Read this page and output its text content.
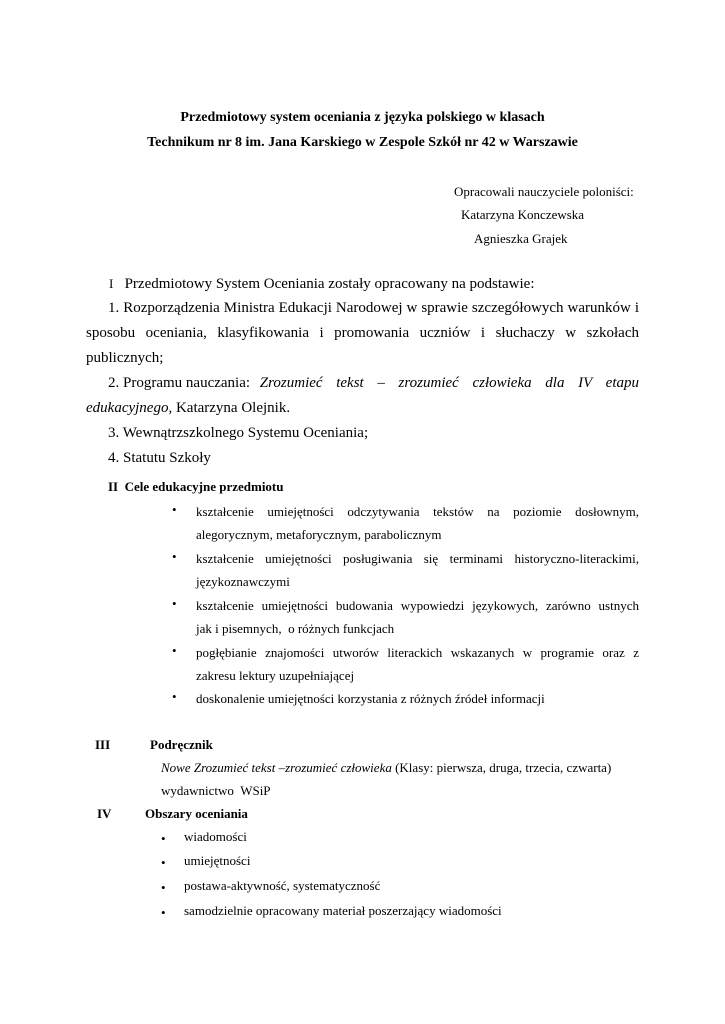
Przedmiotowy system oceniania z języka polskiego w klasach
Technikum nr 8 im. Jana Karskiego w Zespole Szkół nr 42 w Warszawie
Opracowali nauczyciele poloniści:
Katarzyna Konczewska
Agnieszka Grajek
I Przedmiotowy System Oceniania zostały opracowany na podstawie:
1. Rozporządzenia Ministra Edukacji Narodowej w sprawie szczegółowych warunków i
sposobu oceniania, klasyfikowania i promowania uczniów i słuchaczy w szkołach
publicznych;
2. Programu nauczania: Zrozumieć tekst – zrozumieć człowieka dla IV etapu
edukacyjnego, Katarzyna Olejnik.
3. Wewnątrzszkolnego Systemu Oceniania;
4. Statutu Szkoły
II  Cele edukacyjne przedmiotu
• kształcenie umiejętności odczytywania tekstów na poziomie dosłownym,
alegorycznym, metaforycznym, parabolicznym
• kształcenie umiejętności posługiwania się terminami historyczno-literackimi,
językoznawczymi
• kształcenie umiejętności budowania wypowiedzi językowych, zarówno ustnych
jak i pisemnych,  o różnych funkcjach
• pogłębianie znajomości utworów literackich wskazanych w programie oraz z
zakresu lektury uzupełniającej
• doskonalenie umiejętności korzystania z różnych źródeł informacji
III	Podręcznik
Nowe Zrozumieć tekst –zrozumieć człowieka (Klasy: pierwsza, druga, trzecia, czwarta)
wydawnictwo  WSiP
IV	Obszary oceniania
• wiadomości
• umiejętności
• postawa-aktywność, systematyczność
• samodzielnie opracowany materiał poszerzający wiadomości
